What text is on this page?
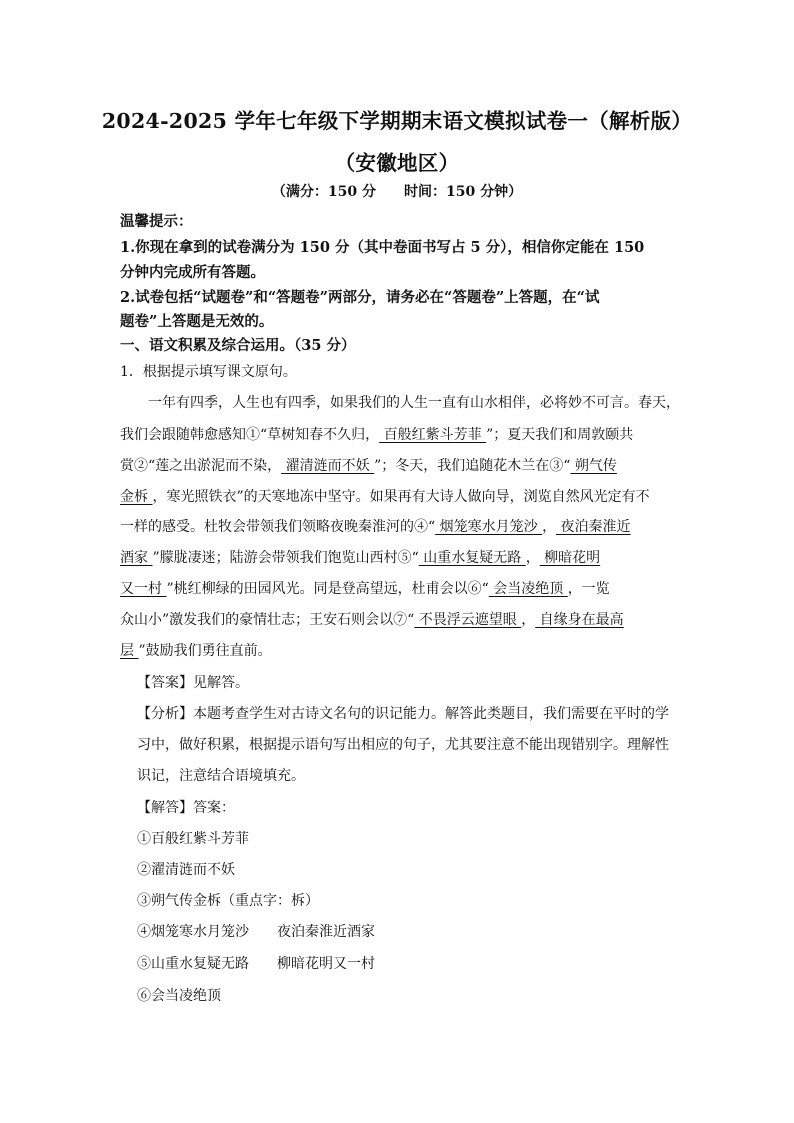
2024-2025 学年七年级下学期期末语文模拟试卷一（解析版）
（安徽地区）
（满分：150 分 时间：150 分钟）
温馨提示：
1.你现在拿到的试卷满分为 150 分（其中卷面书写占 5 分），相信你定能在 150
分钟内完成所有答题。
2.试卷包括“试题卷”和“答题卷”两部分，请务必在“答题卷”上答题，在“试
题卷”上答题是无效的。
一、语文积累及综合运用。（35 分）
1．根据提示填写课文原句。
一年有四季，人生也有四季，如果我们的人生一直有山水相伴，必将妙不可言。春天，
我们会跟随韩愈感知①“草树知春不久归， 百般红紫斗芳菲 ”；夏天我们和周敦颐共
赏②“莲之出淤泥而不染， 濯清涟而不妖 ”；冬天，我们追随花木兰在③“ 朔气传
金柝 ，寒光照铁衣”的天寒地冻中坚守。如果再有大诗人做向导，浏览自然风光定有不
一样的感受。杜牧会带领我们领略夜晚秦淮河的④“ 烟笼寒水月笼沙 ， 夜泊秦淮近
酒家 ”朦胧凄迷；陆游会带领我们饱览山西村⑤“ 山重水复疑无路 ， 柳暗花明
又一村 ”桃红柳绿的田园风光。同是登高望远，杜甫会以⑥“ 会当凌绝顶 ，一览
众山小”激发我们的豪情壮志；王安石则会以⑦“ 不畏浮云遮望眼 ， 自缘身在最高
层 ”鼓励我们勇往直前。
【答案】见解答。
【分析】本题考查学生对古诗文名句的识记能力。解答此类题目，我们需要在平时的学
习中，做好积累，根据提示语句写出相应的句子，尤其要注意不能出现错别字。理解性
识记，注意结合语境填充。
【解答】答案：
①百般红紫斗芳菲
②濯清涟而不妖
③朔气传金柝（重点字：柝）
④烟笼寒水月笼沙 夜泊秦淮近酒家
⑤山重水复疑无路 柳暗花明又一村
⑥会当凌绝顶
